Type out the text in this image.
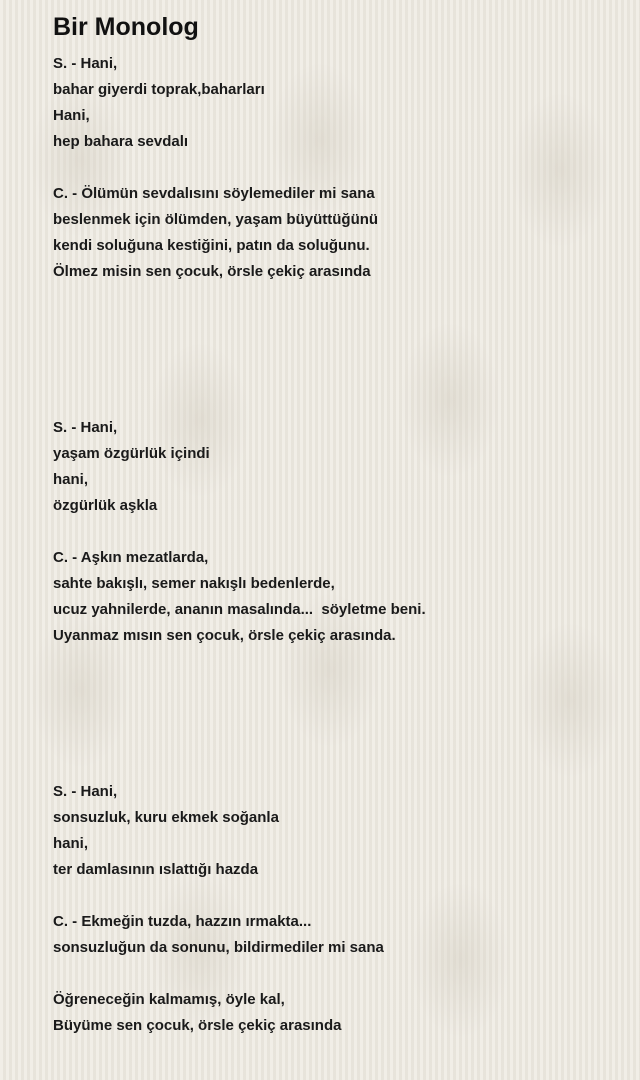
Bir Monolog
S. - Hani,
bahar giyerdi toprak,baharları
Hani,
hep bahara sevdalı
C. - Ölümün sevdalısını söylemediler mi sana
beslenmek için ölümden, yaşam büyüttüğünü
kendi soluğuna kestiğini, patın da soluğunu.
Ölmez misin sen çocuk, örsle çekiç arasında
S. - Hani,
yaşam özgürlük içindi
hani,
özgürlük aşkla
C. - Aşkın mezatlarda,
sahte bakışlı, semer nakışlı bedenlerde,
ucuz yahnilerde, ananın masalında...  söyletme beni.
Uyanmaz mısın sen çocuk, örsle çekiç arasında.
S. - Hani,
sonsuzluk, kuru ekmek soğanla
hani,
ter damlasının ıslattığı hazda
C. - Ekmeğin tuzda, hazzın ırmakta...
sonsuzluğun da sonunu, bildirmediler mi sana
Öğreneceğin kalmamış, öyle kal,
Büyüme sen çocuk, örsle çekiç arasında
